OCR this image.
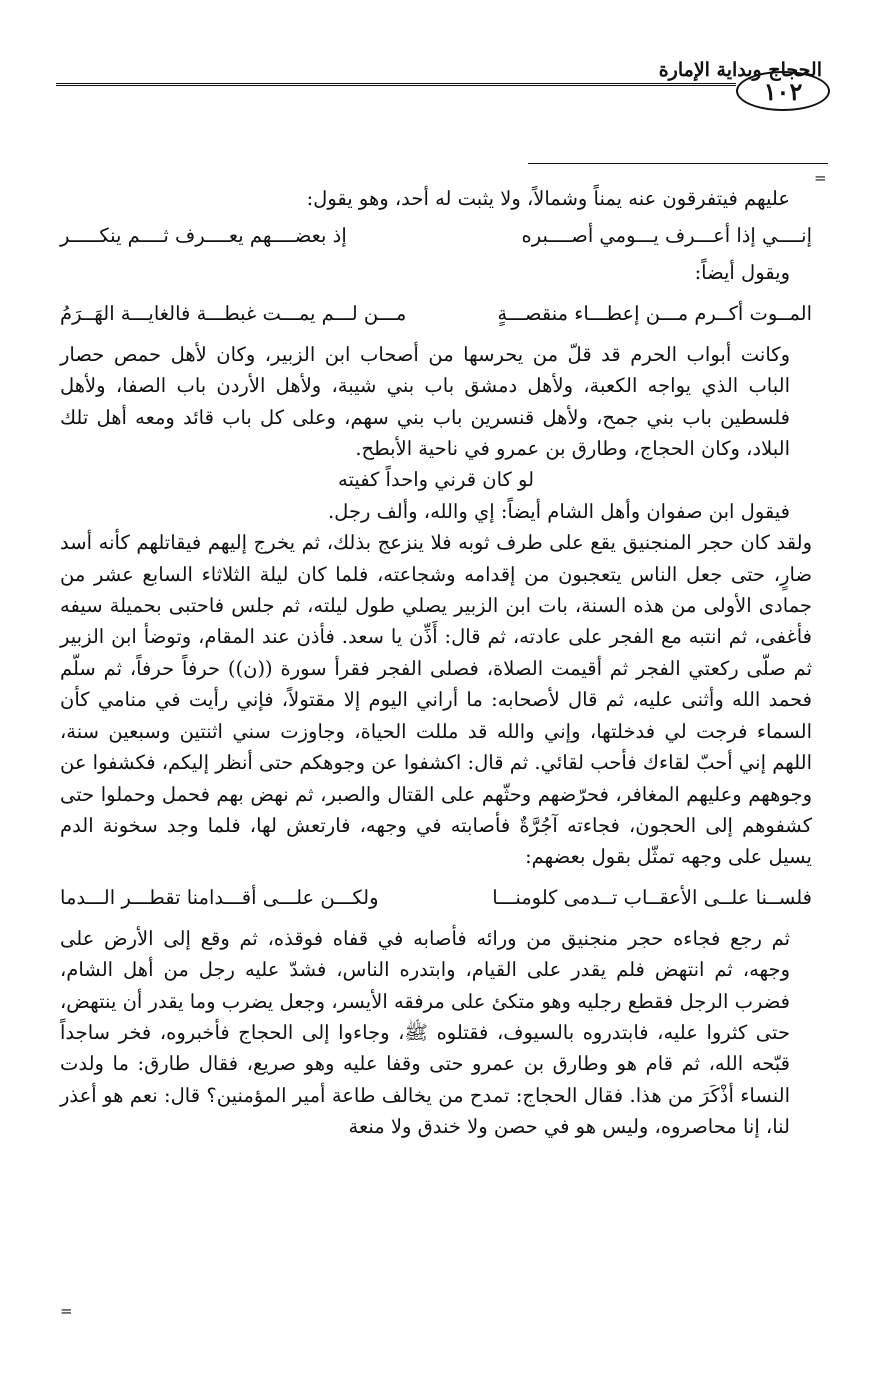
الحجاج وبداية الإمارة
١٠٢
=

عليهم فيتفرقون عنه يمناً وشمالاً، ولا يثبت له أحد، وهو يقول:

إنــــي إذا أعـــرف يـــومي أصــــبره
إذ بعضــــهم يعــــرف ثــــم ينكـــــر

ويقول أيضاً:

المــوت أكــرم مـــن إعطـــاء منقصـــةٍ
مـــن لـــم يمـــت غبطـــة فالغايـــة الهَــرَمُ

وكانت أبواب الحرم قد قلّ من يحرسها من أصحاب ابن الزبير، وكان لأهل حمص حصار الباب الذي يواجه الكعبة، ولأهل دمشق باب بني شيبة، ولأهل الأردن باب الصفا، ولأهل فلسطين باب بني جمح، ولأهل قنسرين باب بني سهم، وعلى كل باب قائد ومعه أهل تلك البلاد، وكان الحجاج، وطارق بن عمرو في ناحية الأبطح.

لو كان قرني واحداً كفيته

فيقول ابن صفوان وأهل الشام أيضاً: إي والله، وألف رجل.

ولقد كان حجر المنجنيق يقع على طرف ثوبه فلا ينزعج بذلك، ثم يخرج إليهم فيقاتلهم كأنه أسد ضارٍ، حتى جعل الناس يتعجبون من إقدامه وشجاعته، فلما كان ليلة الثلاثاء السابع عشر من جمادى الأولى من هذه السنة، بات ابن الزبير يصلي طول ليلته، ثم جلس فاحتبى بحميلة سيفه فأغفى، ثم انتبه مع الفجر على عادته، ثم قال: أَذِّن يا سعد. فأذن عند المقام، وتوضأ ابن الزبير ثم صلّى ركعتي الفجر ثم أقيمت الصلاة، فصلى الفجر فقرأ سورة ((ن)) حرفاً حرفاً، ثم سلّم فحمد الله وأثنى عليه، ثم قال لأصحابه: ما أراني اليوم إلا مقتولاً، فإني رأيت في منامي كأن السماء فرجت لي فدخلتها، وإني والله قد مللت الحياة، وجاوزت سني اثنتين وسبعين سنة، اللهم إني أحبّ لقاءك فأحب لقائي. ثم قال: اكشفوا عن وجوهكم حتى أنظر إليكم، فكشفوا عن وجوههم وعليهم المغافر، فحرّضهم وحثّهم على القتال والصبر، ثم نهض بهم فحمل وحملوا حتى كشفوهم إلى الحجون، فجاءته آجُرَّةٌ فأصابته في وجهه، فارتعش لها، فلما وجد سخونة الدم يسيل على وجهه تمثّل بقول بعضهم:

فلســنا علــى الأعقــاب تــدمى كلومنـــا
ولكـــن علـــى أقـــدامنا تقطـــر الـــدما

ثم رجع فجاءه حجر منجنيق من ورائه فأصابه في قفاه فوقذه، ثم وقع إلى الأرض على وجهه، ثم انتهض فلم يقدر على القيام، وابتدره الناس، فشدّ عليه رجل من أهل الشام، فضرب الرجل فقطع رجليه وهو متكئ على مرفقه الأيسر، وجعل يضرب وما يقدر أن ينتهض، حتى كثروا عليه، فابتدروه بالسيوف، فقتلوه ﷺ، وجاءوا إلى الحجاج فأخبروه، فخر ساجداً قبّحه الله، ثم قام هو وطارق بن عمرو حتى وقفا عليه وهو صريع، فقال طارق: ما ولدت النساء أذْكَرَ من هذا. فقال الحجاج: تمدح من يخالف طاعة أمير المؤمنين؟ قال: نعم هو أعذر لنا، إنا محاصروه، وليس هو في حصن ولا خندق ولا منعة

=
